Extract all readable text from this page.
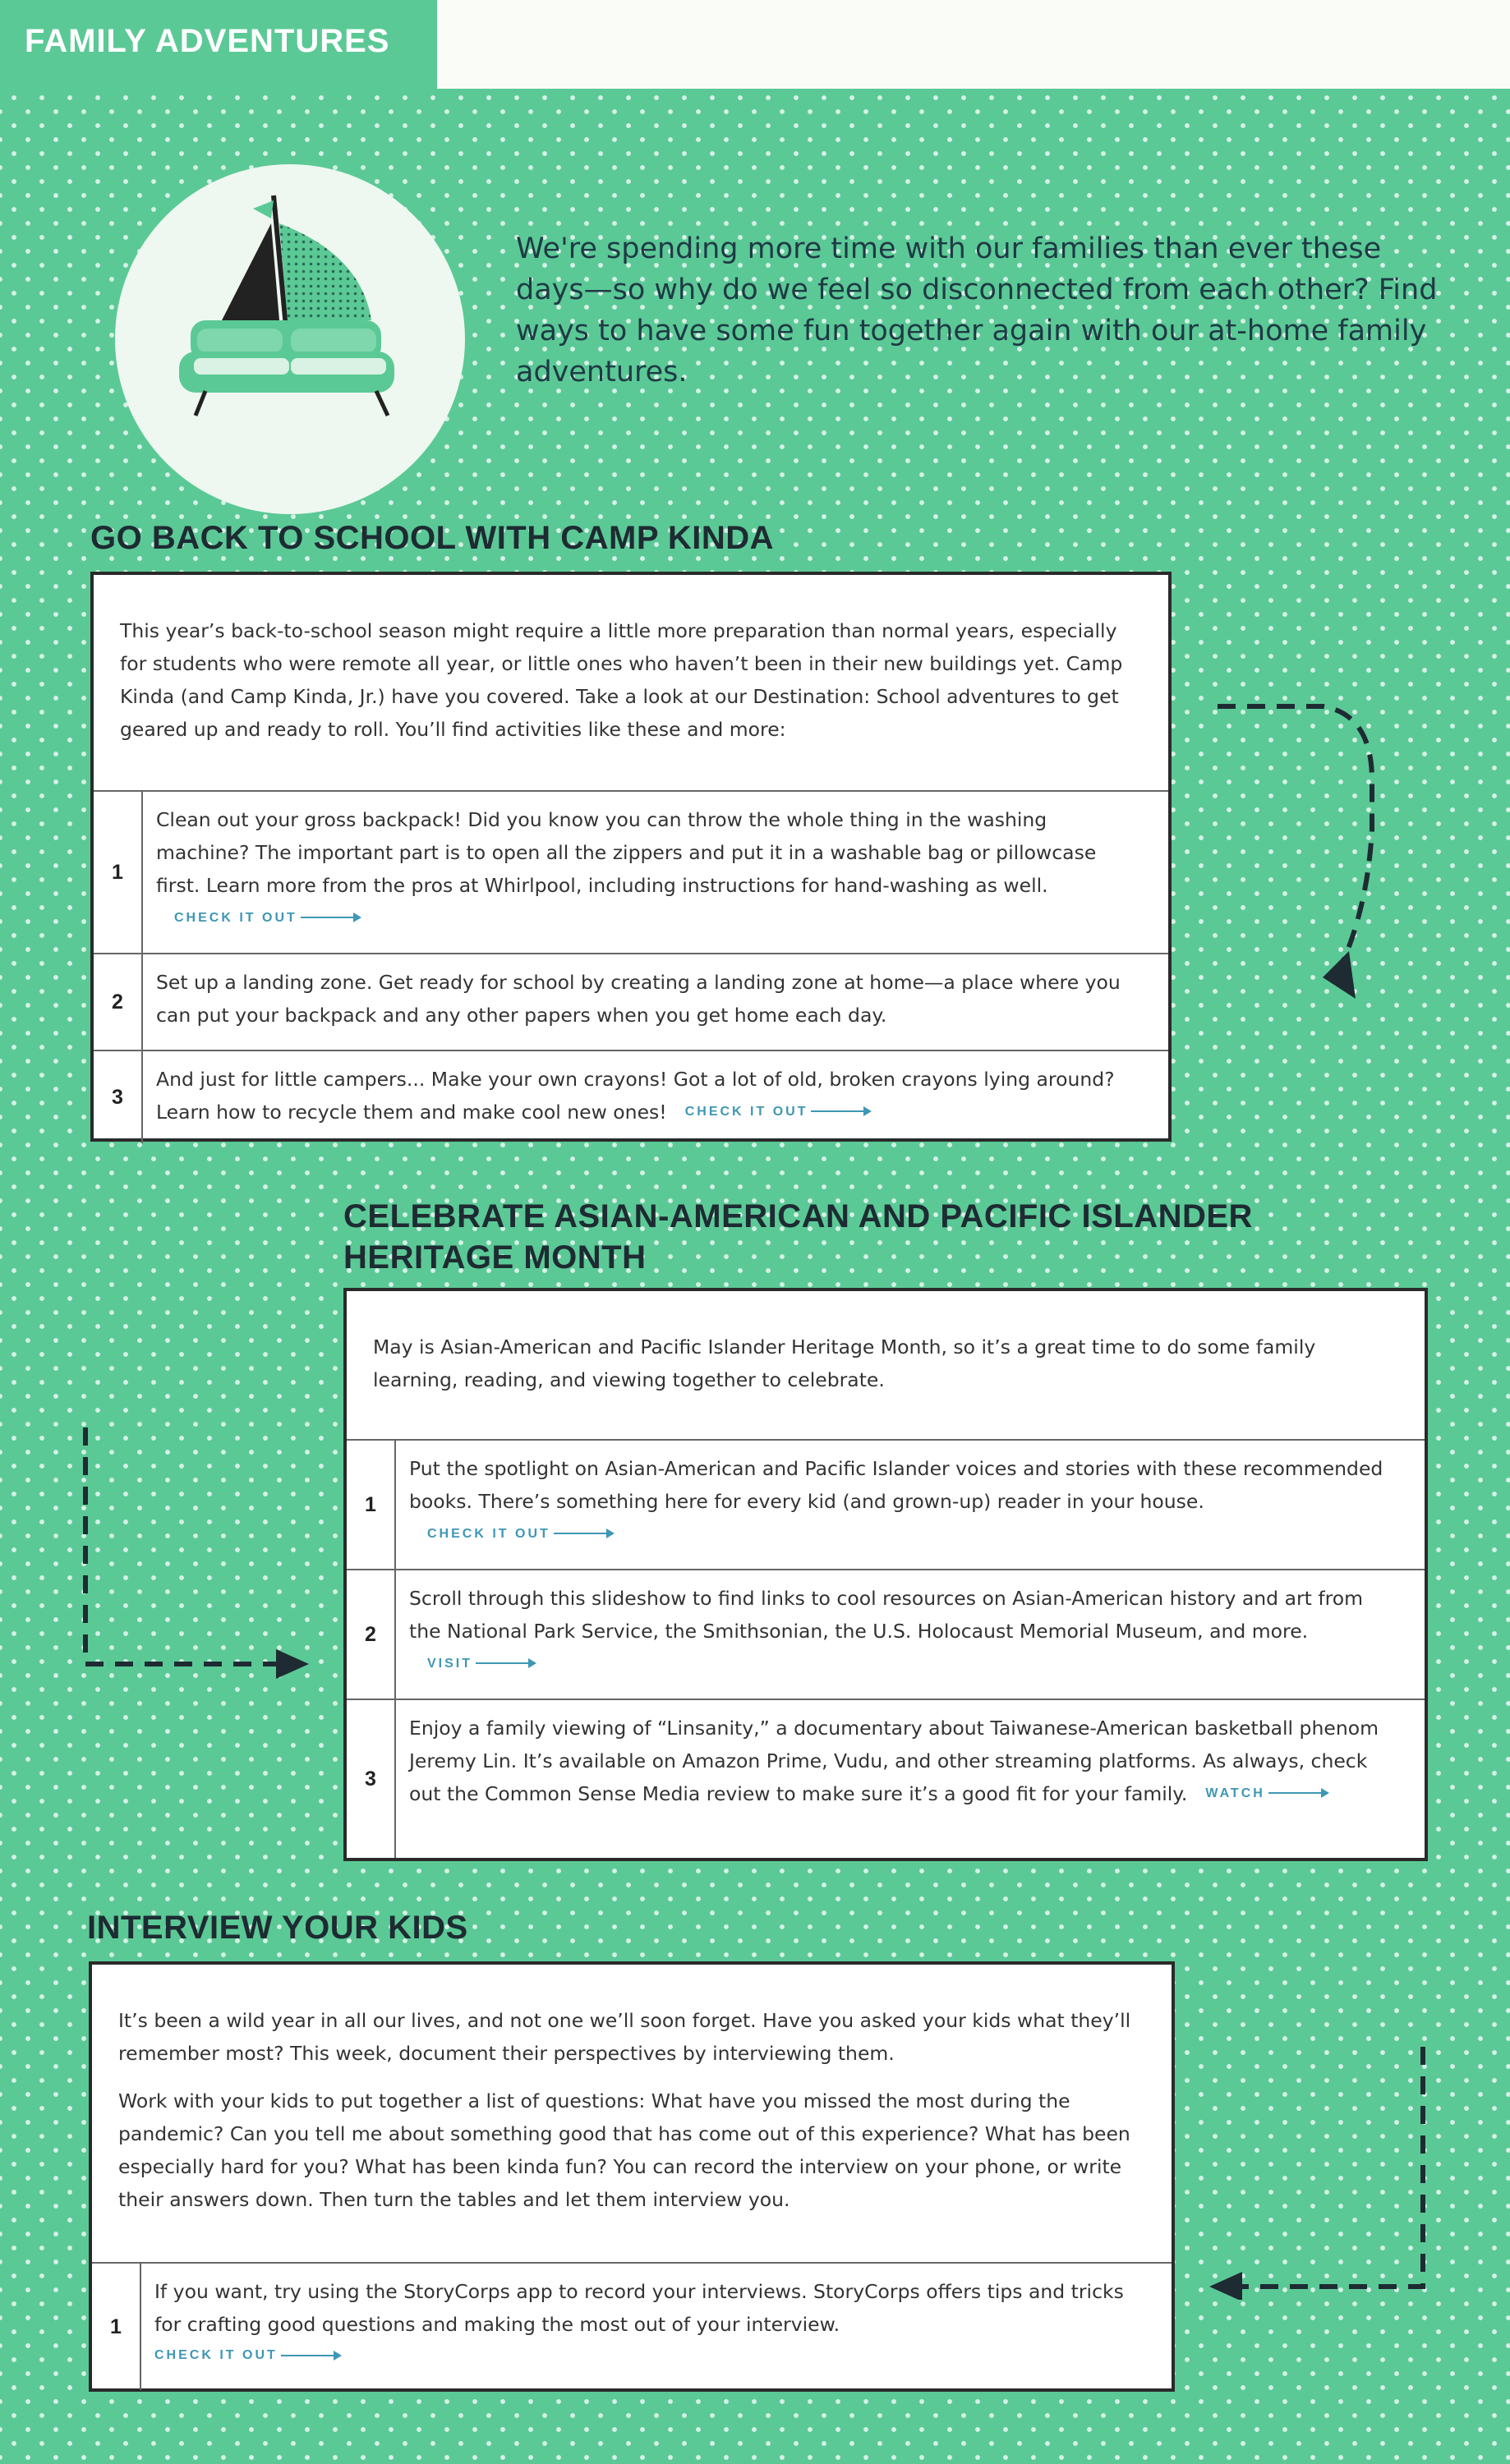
FAMILY ADVENTURES
We're spending more time with our families than ever these days—so why do we feel so disconnected from each other? Find ways to have some fun together again with our at-home family adventures.
GO BACK TO SCHOOL WITH CAMP KINDA

This year’s back-to-school season might require a little more preparation than normal years, especially for students who were remote all year, or little ones who haven’t been in their new buildings yet. Camp Kinda (and Camp Kinda, Jr.) have you covered. Take a look at our Destination: School adventures to get geared up and ready to roll. You’ll find activities like these and more:

1
Clean out your gross backpack! Did you know you can throw the whole thing in the washing machine? The important part is to open all the zippers and put it in a washable bag or pillowcase first. Learn more from the pros at Whirlpool, including instructions for hand-washing as well.CHECK IT OUT
2
Set up a landing zone. Get ready for school by creating a landing zone at home—a place where you can put your backpack and any other papers when you get home each day.
3
And just for little campers... Make your own crayons! Got a lot of old, broken crayons lying around? Learn how to recycle them and make cool new ones! CHECK IT OUT
CELEBRATE ASIAN-AMERICAN AND PACIFIC ISLANDER HERITAGE MONTH

May is Asian-American and Pacific Islander Heritage Month, so it’s a great time to do some family learning, reading, and viewing together to celebrate.

1
Put the spotlight on Asian-American and Pacific Islander voices and stories with these recommended books. There’s something here for every kid (and grown-up) reader in your house.CHECK IT OUT
2
Scroll through this slideshow to find links to cool resources on Asian-American history and art from the National Park Service, the Smithsonian, the U.S. Holocaust Memorial Museum, and more.VISIT
3
Enjoy a family viewing of “Linsanity,” a documentary about Taiwanese-American basketball phenom Jeremy Lin. It’s available on Amazon Prime, Vudu, and other streaming platforms. As always, check out the Common Sense Media review to make sure it’s a good fit for your family. WATCH
INTERVIEW YOUR KIDS

It’s been a wild year in all our lives, and not one we’ll soon forget. Have you asked your kids what they’ll remember most? This week, document their perspectives by interviewing them.

Work with your kids to put together a list of questions: What have you missed the most during the pandemic? Can you tell me about something good that has come out of this experience? What has been especially hard for you? What has been kinda fun? You can record the interview on your phone, or write their answers down. Then turn the tables and let them interview you.

1
If you want, try using the StoryCorps app to record your interviews. StoryCorps offers tips and tricks for crafting good questions and making the most out of your interview.
CHECK IT OUT
